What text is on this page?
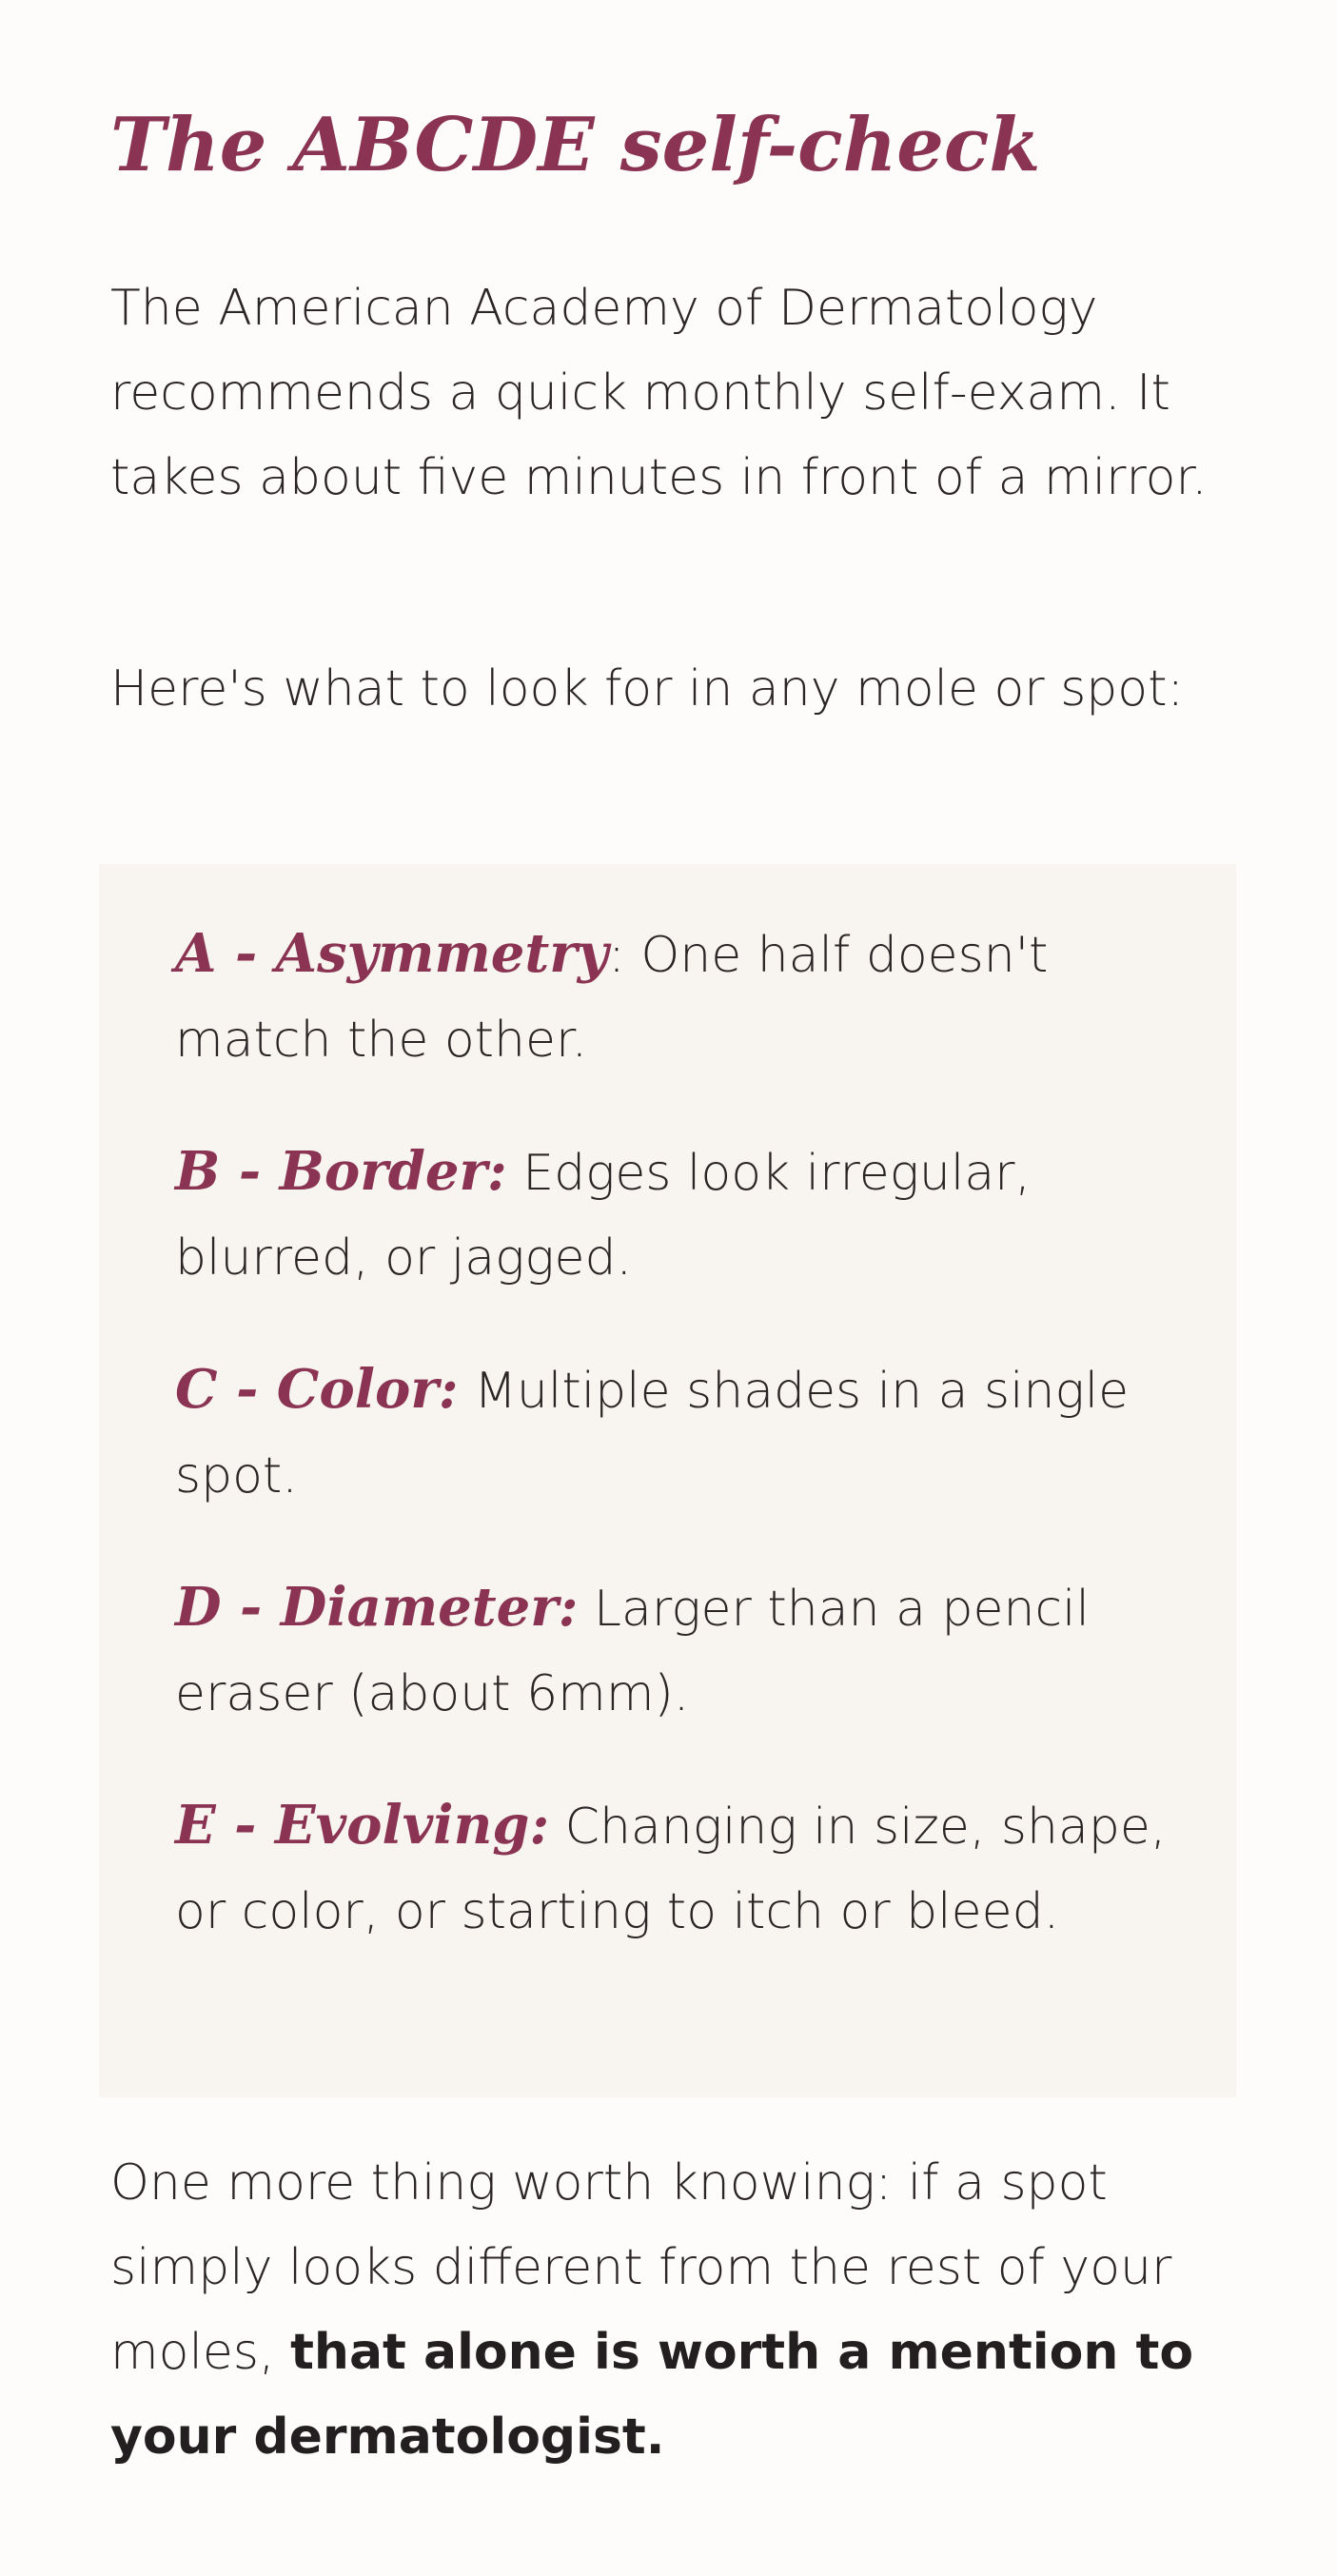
The ABCDE self-check

The American Academy of Dermatology recommends a quick monthly self-exam. It takes about five minutes in front of a mirror.

Here's what to look for in any mole or spot:

A - Asymmetry: One half doesn't match the other.

B - Border: Edges look irregular, blurred, or jagged.

C - Color: Multiple shades in a single spot.

D - Diameter: Larger than a pencil eraser (about 6mm).

E - Evolving: Changing in size, shape, or color, or starting to itch or bleed.

One more thing worth knowing: if a spot simply looks different from the rest of your moles, that alone is worth a mention to your dermatologist.
